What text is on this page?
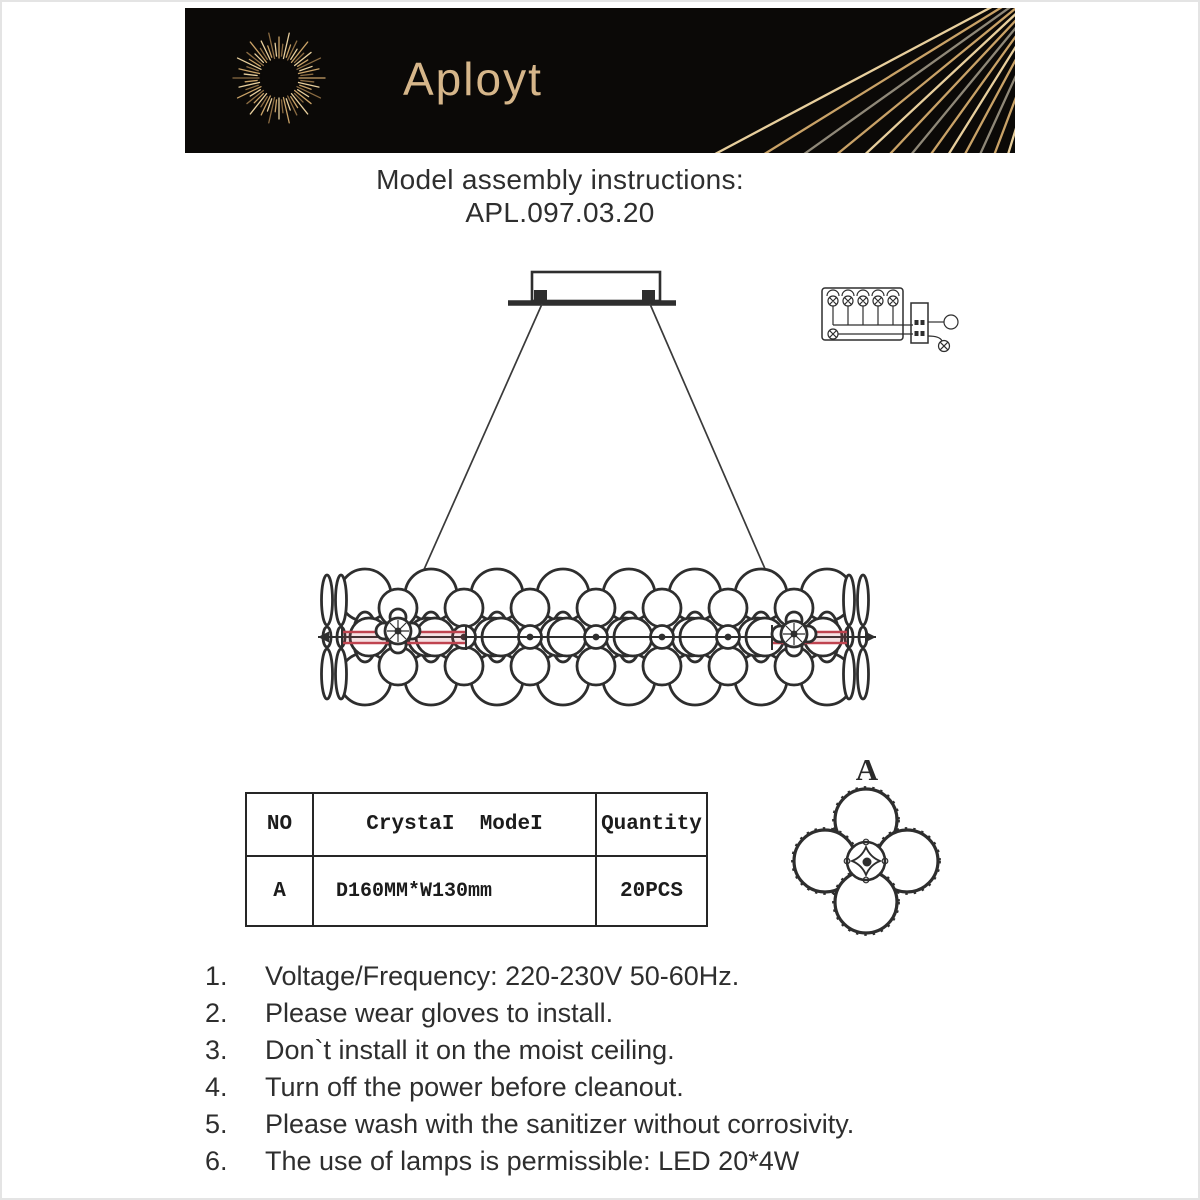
Aployt
Model assembly instructions:
APL.097.03.20
A
NO	CrystaI  ModeI	Quantity
A	D160MM*W130mm	20PCS
1.	Voltage/Frequency: 220-230V 50-60Hz.
2.	Please wear gloves to install.
3.	Don`t install it on the moist ceiling.
4.	Turn off the power before cleanout.
5.	Please wash with the sanitizer without corrosivity.
6.	The use of lamps is permissible: LED 20*4W
